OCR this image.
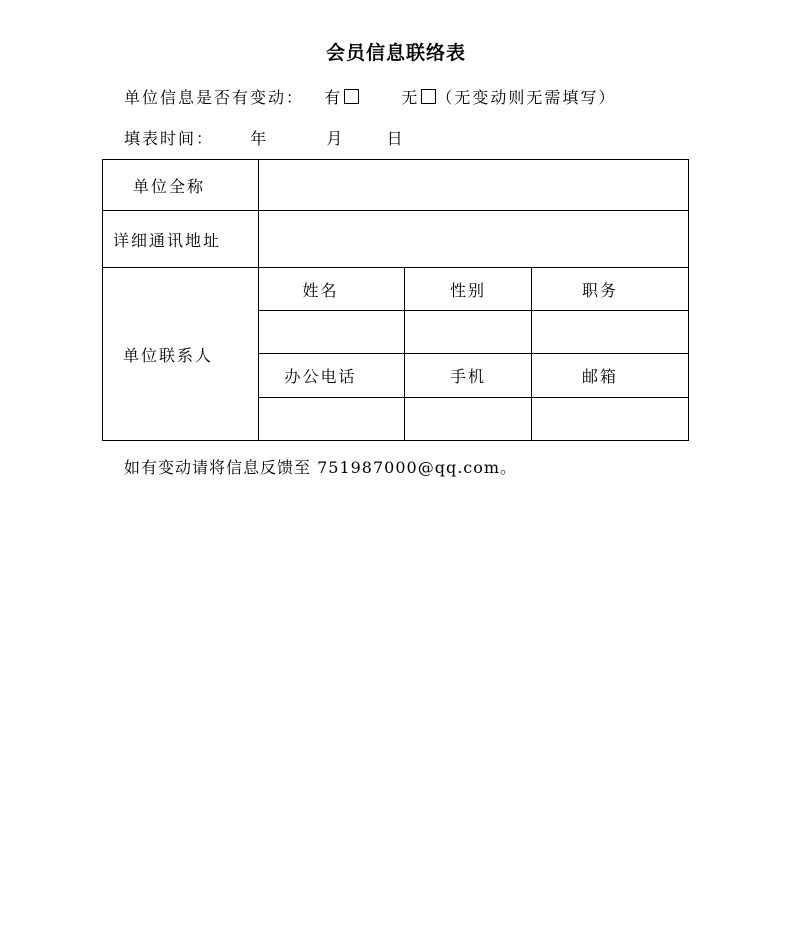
会员信息联络表
单位信息是否有变动： 有	无 （无变动则无需填写）
填表时间： 年	月	日
单位全称			
详细通讯地址			
单位联系人	姓名	性别	职务

	办公电话	手机	邮箱

如有变动请将信息反馈至 751987000@qq.com。
